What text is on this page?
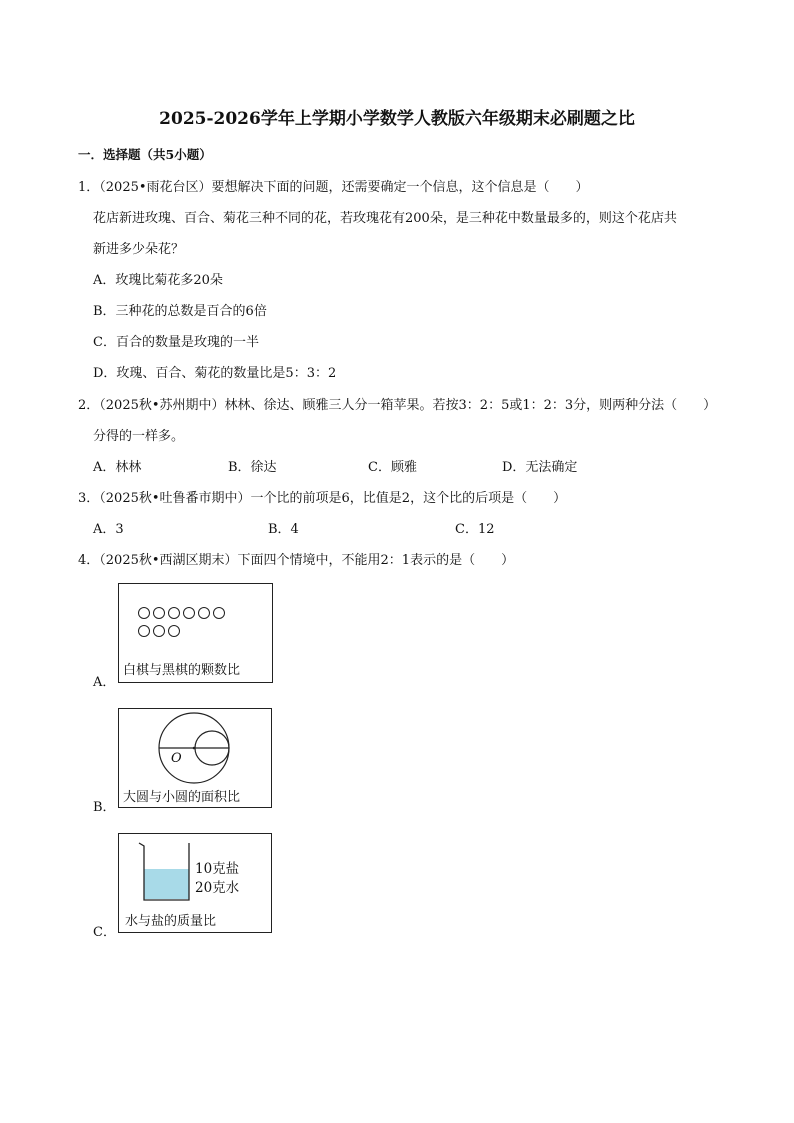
2025-2026学年上学期小学数学人教版六年级期末必刷题之比
一．选择题（共5小题）
1．（2025•雨花台区）要想解决下面的问题，还需要确定一个信息，这个信息是（　　）
花店新进玫瑰、百合、菊花三种不同的花，若玫瑰花有200朵，是三种花中数量最多的，则这个花店共
新进多少朵花？
A．玫瑰比菊花多20朵
B．三种花的总数是百合的6倍
C．百合的数量是玫瑰的一半
D．玫瑰、百合、菊花的数量比是5：3：2
2．（2025秋•苏州期中）林林、徐达、顾雅三人分一箱苹果。若按3：2：5或1：2：3分，则两种分法（　　）
分得的一样多。
A．林林	B．徐达	C．顾雅	D．无法确定
3．（2025秋•吐鲁番市期中）一个比的前项是6，比值是2，这个比的后项是（　　）
A．3	B．4	C．12
4．（2025秋•西湖区期末）下面四个情境中，不能用2：1表示的是（　　）
A．
白棋与黑棋的颗数比
B．
O
大圆与小圆的面积比
C．
10克盐
20克水
水与盐的质量比
